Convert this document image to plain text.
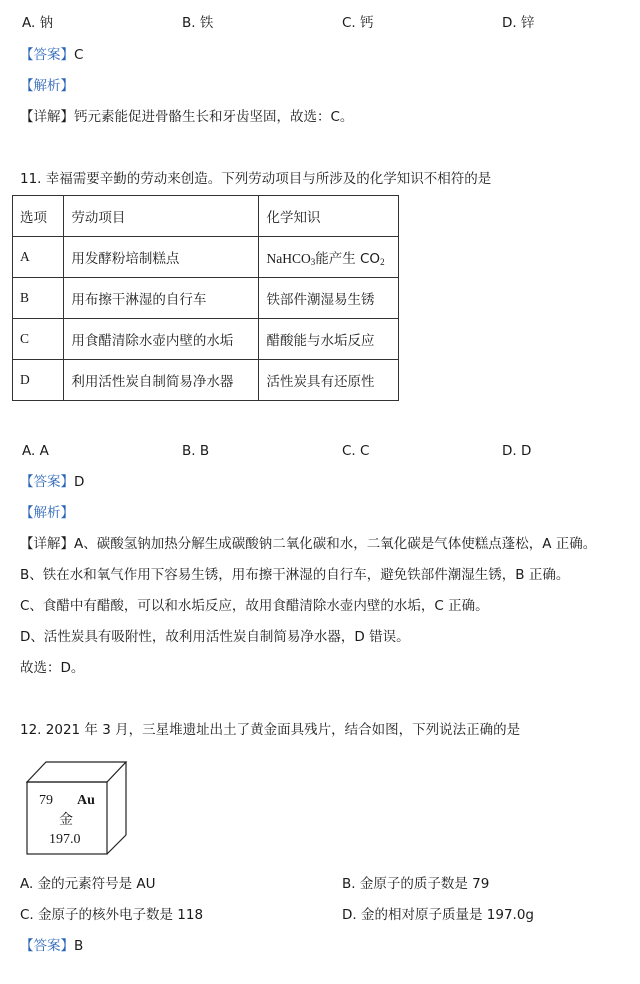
A. 钠	B. 铁	C. 钙	D. 锌
【答案】C
【解析】
【详解】钙元素能促进骨骼生长和牙齿坚固，故选：C。
11. 幸福需要辛勤的劳动来创造。下列劳动项目与所涉及的化学知识不相符的是
选项	劳动项目	化学知识
A	用发酵粉培制糕点	NaHCO$_3$能产生 $CO_2$
B	用布擦干淋湿的自行车	铁部件潮湿易生锈
C	用食醋清除水壶内壁的水垢	醋酸能与水垢反应
D	利用活性炭自制简易净水器	活性炭具有还原性
A. A	B. B	C. C	D. D
【答案】D
【解析】
【详解】A、碳酸氢钠加热分解生成碳酸钠二氧化碳和水，二氧化碳是气体使糕点蓬松，A 正确。
B、铁在水和氧气作用下容易生锈，用布擦干淋湿的自行车，避免铁部件潮湿生锈，B 正确。
C、食醋中有醋酸，可以和水垢反应，故用食醋清除水壶内壁的水垢，C 正确。
D、活性炭具有吸附性，故利用活性炭自制简易净水器，D 错误。
故选：D。
12. 2021 年 3 月，三星堆遗址出土了黄金面具残片，结合如图，下列说法正确的是
79 Au
金
197.0
A. 金的元素符号是 AU	B. 金原子的质子数是 79
C. 金原子的核外电子数是 118	D. 金的相对原子质量是 197.0g
【答案】B
